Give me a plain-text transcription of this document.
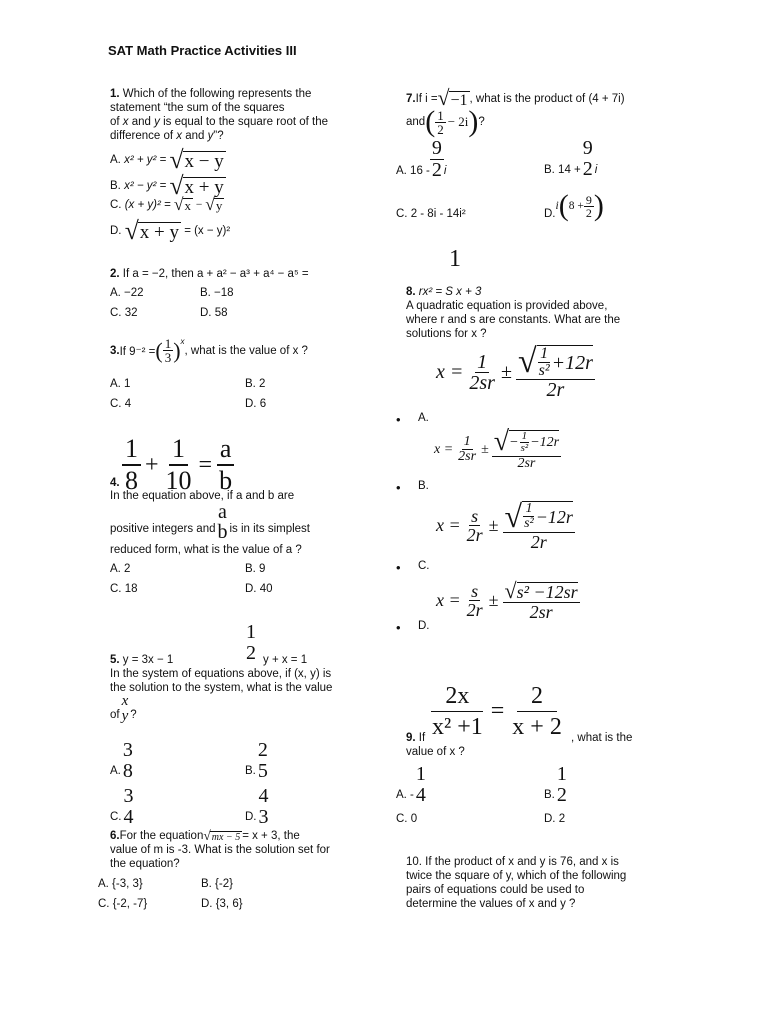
SAT Math Practice Activities III
1. Which of the following represents the
statement “the sum of the squares
of x and y is equal to the square root of the
difference of x and y”?
A. x² + y² = √ x − y
B. x² − y² = √ x + y
C. (x + y)² = √ x − √ y
D. √ x + y = (x − y)²
2. If a = −2, then a + a² − a³ + a⁴ − a⁵ =
A. −22	B. −18
C. 32	D. 58
3. If 9⁻² = ( $\frac{1}{3}$ ) x
, what is the value of x ?
A. 1	B. 2
C. 4	D. 6
$\frac{1}{8} + \frac{1}{10} = \frac{a}{b}$
4.
In the equation above, if a and b are
positive integers and
a
b is in its simplest
reduced form, what is the value of a ?
A. 2	B. 9
C. 18	D. 40
1
2
5. y = 3x − 1	y + x = 1
In the system of equations above, if (x, y) is
the solution to the system, what is the value
of
x
y ?
A.
3
8	B.
2
5
C.
3
4	D.
4
3
6. For the equation √ mx − 5 = x + 3, the
value of m is -3. What is the solution set for
the equation?
A. {-3, 3}	B. {-2}
C. {-2, -7}	D. {3, 6}
7. If i = √ −1 , what is the product of (4 + 7i)
and ( $\frac{1}{2} - 2i$ ) ?
A. $16 - \frac{9}{2}$ i	B. 14 +
9
2 i
C. 2 - 8i - 14i²	D.
i ( $8 + \frac{9}{2}$ )
1
8. rx² = S x + 3
A quadratic equation is provided above,
where r and s are constants. What are the
solutions for x ?
• A.
$x = \frac{1}{2sr} \pm \frac{√ \frac{1}{\text{s²}} +12r}{2r}$
• B.
$x = \frac{1}{2sr} \pm \frac{√ - \frac{1}{\text{s²}} -12r}{2sr}$
• C.
$x = \frac{s}{2r} \pm \frac{√ \frac{1}{\text{s²}} -12r}{2r}$
• D.
$x = \frac{s}{2r} \pm \frac{\text{√ s² −12sr}}{2sr}$
$\frac{2x}{\text{x² +1}} = \frac{2}{x + 2}$
9. If	, what is the
value of x ?
A. -
1
4	B.
1
2
C. 0	D. 2
10. If the product of x and y is 76, and x is
twice the square of y, which of the following
pairs of equations could be used to
determine the values of x and y ?
